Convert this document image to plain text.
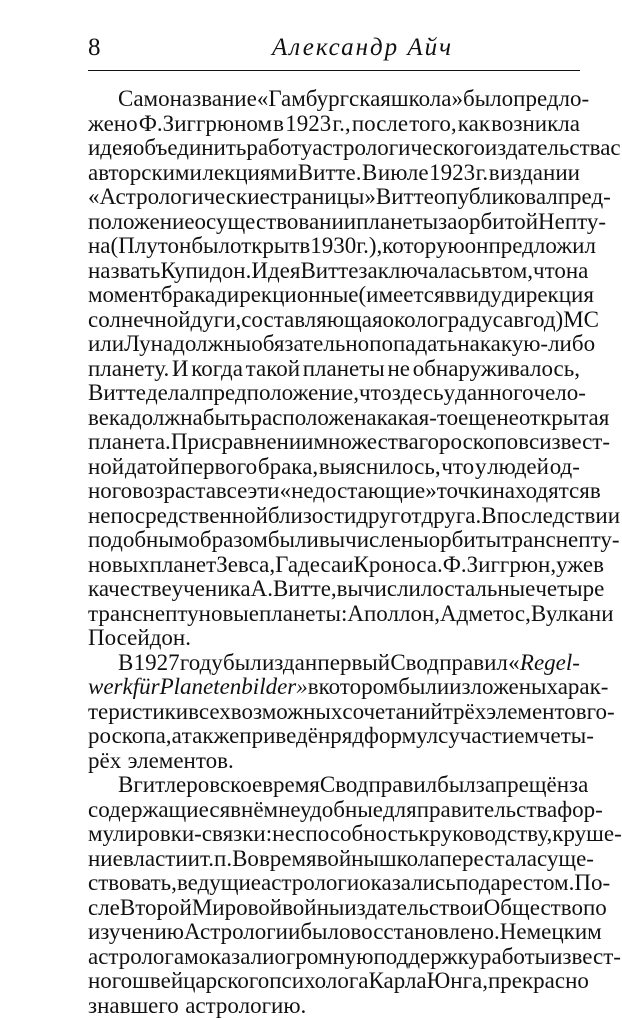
8	Александр Айч
Само название «Гамбургская школа» было предло-
жено Ф.Зиггрюном в 1923 г., после того, как возникла
идея объединить работу астрологического издательства с
авторскими лекциями Витте. В июле 1923 г. в издании
«Астрологические страницы» Витте опубликовал пред-
положение о существовании планеты за орбитой Непту-
на (Плутон был открыт в 1930 г.), которую он предложил
назвать Купидон. Идея Витте заключалась в том, что на
момент брака дирекционные (имеется в виду дирекция
солнечной дуги, составляющая около градуса в год) МС
или Луна должны обязательно попадать на какую-либо
планету. И когда такой планеты не обнаруживалось,
Витте делал предположение, что здесь у данного чело-
века должна быть расположена какая-то еще неоткрытая
планета. При сравнении множества гороскопов с извест-
ной датой первого брака, выяснилось, что у людей од-
ного возраста все эти «недостающие» точки находятся в
непосредственной близости друг от друга. Впоследствии
подобным образом были вычислены орбиты транснепту-
новых планет Зевса, Гадеса и Кроноса. Ф.Зиггрюн, уже в
качестве ученика А.Витте, вычислил остальные четыре
транснептуновые планеты: Аполлон, Адметос, Вулкан и
Посейдон.
В 1927 году был издан первый Свод правил « Regel-
werk für Planetenbilder» в котором были изложены харак-
теристики всех возможных сочетаний трёх элементов го-
роскопа, а также приведён ряд формул с участием четы-
рёх элементов.
В гитлеровское время Свод правил был запрещён за
содержащиеся в нём неудобные для правительства фор-
мулировки-связки: неспособность к руководству, круше-
ние власти и т.п. Во время войны школа перестала суще-
ствовать, ведущие астрологи оказались под арестом. По-
сле Второй Мировой войны издательство и Общество по
изучению Астрологии было восстановлено. Немецким
астрологам оказали огромную поддержку работы извест-
ного швейцарского психолога Карла Юнга, прекрасно
знавшего астрологию.
